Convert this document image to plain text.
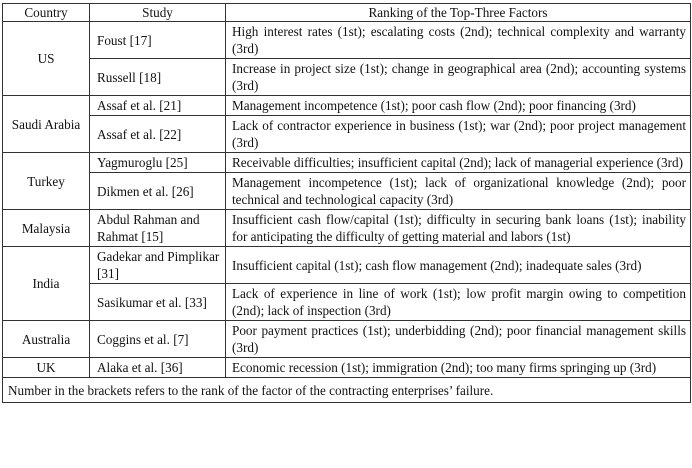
Country	Study	Ranking of the Top-Three Factors
US	Foust [17]	High interest rates (1st); escalating costs (2nd); technical complexity and warranty (3rd)
	Russell [18]	Increase in project size (1st); change in geographical area (2nd); accounting systems (3rd)
Saudi Arabia	Assaf et al. [21]	Management incompetence (1st); poor cash flow (2nd); poor financing (3rd)
	Assaf et al. [22]	Lack of contractor experience in business (1st); war (2nd); poor project management (3rd)
Turkey	Yagmuroglu [25]	Receivable difficulties; insufficient capital (2nd); lack of managerial experience (3rd)
	Dikmen et al. [26]	Management incompetence (1st); lack of organizational knowledge (2nd); poor technical and technological capacity (3rd)
Malaysia	Abdul Rahman and Rahmat [15]	Insufficient cash flow/capital (1st); difficulty in securing bank loans (1st); inability for anticipating the difficulty of getting material and labors (1st)
India	Gadekar and Pimplikar [31]	Insufficient capital (1st); cash flow management (2nd); inadequate sales (3rd)
	Sasikumar et al. [33]	Lack of experience in line of work (1st); low profit margin owing to competition (2nd); lack of inspection (3rd)
Australia	Coggins et al. [7]	Poor payment practices (1st); underbidding (2nd); poor financial management skills (3rd)
UK	Alaka et al. [36]	Economic recession (1st); immigration (2nd); too many firms springing up (3rd)
Number in the brackets refers to the rank of the factor of the contracting enterprises’ failure.		
